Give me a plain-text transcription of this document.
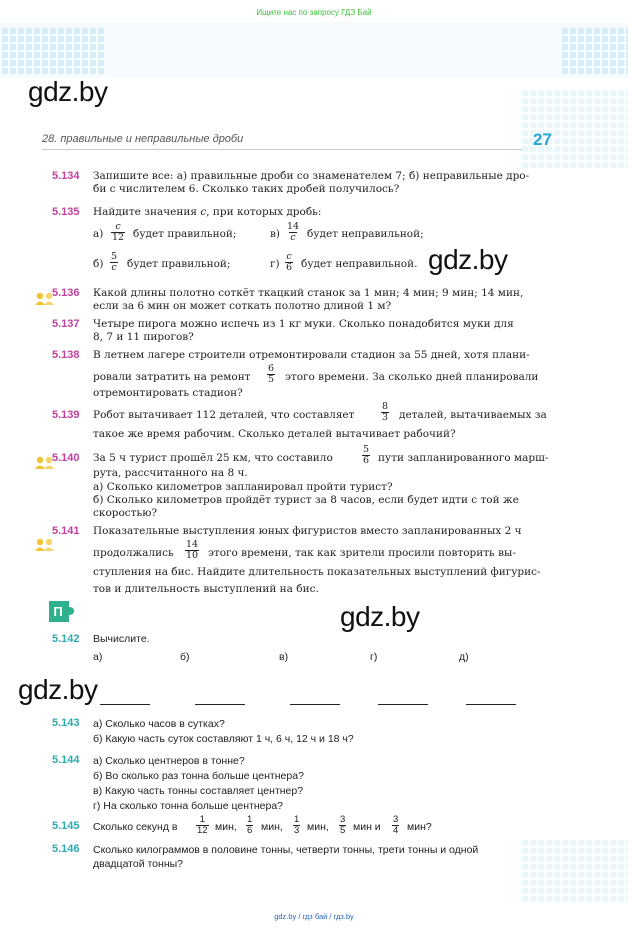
Ищите нас по запросу ГДЗ Бай
gdz.by
gdz.by
gdz.by
gdz.by
28. правильные и неправильные дроби	27
5.134 Запишите все: а) правильные дроби со знаменателем 7; б) неправильные дро-
би с числителем 6. Сколько таких дробей получилось?
5.135 Найдите значения c, при которых дробь:
$а) \frac{c}{12}$ будет правильной;	$в) \frac{14}{c}$ будет неправильной;
$б) \frac{5}{c}$ будет правильной;	$г) \frac{c}{6}$ будет неправильной.
5.136 Какой длины полотно соткёт ткацкий станок за 1 мин; 4 мин; 9 мин; 14 мин,
если за 6 мин он может соткать полотно длиной 1 м?
5.137 Четыре пирога можно испечь из 1 кг муки. Сколько понадобится муки для
8, 7 и 11 пирогов?
5.138 В летнем лагере строители отремонтировали стадион за 55 дней, хотя плани-
ровали затратить на ремонт $\frac{6}{5}$ этого времени. За сколько дней планировали
отремонтировать стадион?
5.139 Робот вытачивает 112 деталей, что составляет	$\frac{8}{3}$ деталей, вытачиваемых за
такое же время рабочим. Сколько деталей вытачивает рабочий?
5.140 За 5 ч турист прошёл 25 км, что составило	$\frac{5}{6}$ пути запланированного марш-
рута, рассчитанного на 8 ч.
а) Сколько километров запланировал пройти турист?
б) Сколько километров пройдёт турист за 8 часов, если будет идти с той же
скоростью?
5.141 Показательные выступления юных фигуристов вместо запланированных 2 ч
продолжались $\frac{14}{10}$ этого времени, так как зрители просили повторить вы-
ступления на бис. Найдите длительность показательных выступлений фигурис-
тов и длительность выступлений на бис.
П
5.142 Вычислите.
а)	б)	в)	г)	д)
5.143 а) Сколько часов в сутках?
б) Какую часть суток составляют 1 ч, 6 ч, 12 ч и 18 ч?
5.144 а) Сколько центнеров в тонне?
б) Во сколько раз тонна больше центнера?
в) Какую часть тонны составляет центнер?
г) На сколько тонна больше центнера?
5.145 Сколько секунд в $\frac{1}{12}$ мин, $\frac{1}{6}$ мин, $\frac{1}{3}$ мин, $\frac{3}{5}$ мин и $\frac{3}{4}$ мин?
5.146 Сколько килограммов в половине тонны, четверти тонны, трети тонны и одной
двадцатой тонны?
gdz.by / гдз бай / гдз.by
